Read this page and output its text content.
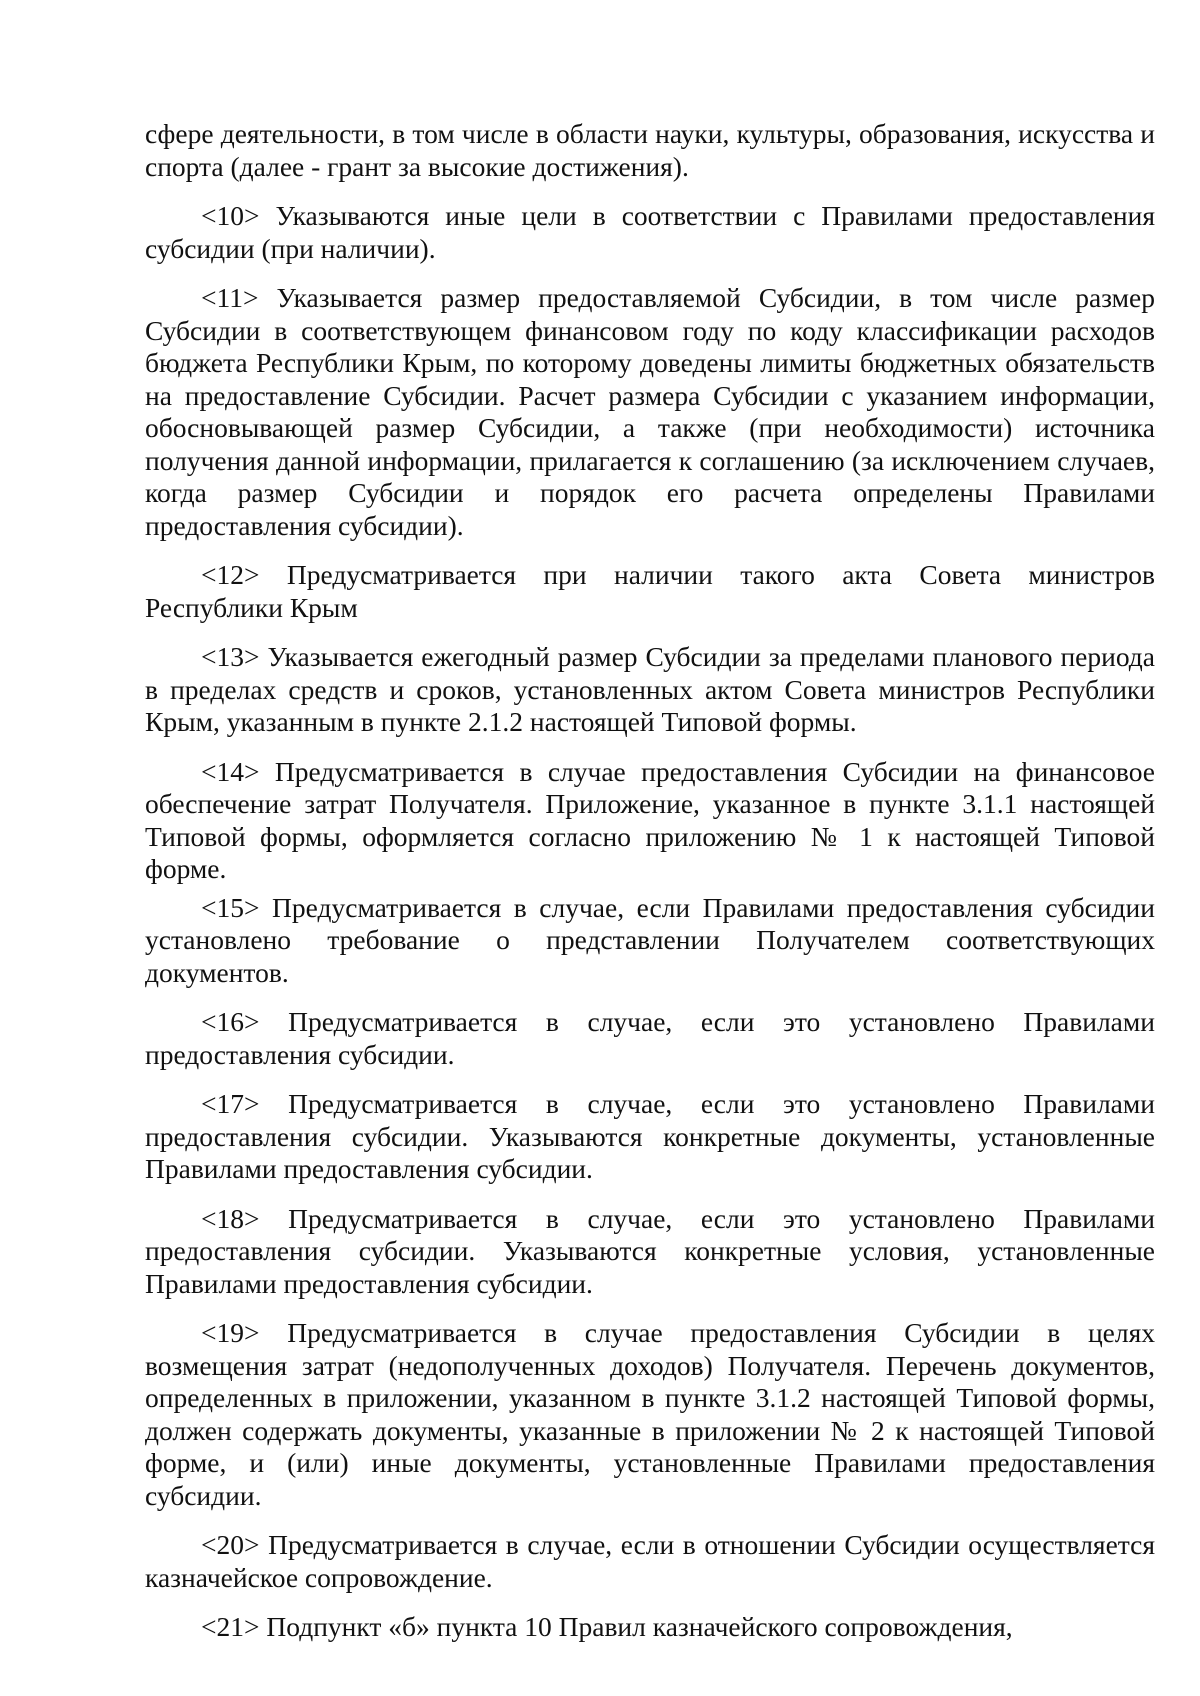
сфере деятельности, в том числе в области науки, культуры, образования, искусства и спорта (далее - грант за высокие достижения).

<10> Указываются иные цели в соответствии с Правилами предоставления субсидии (при наличии).

<11> Указывается размер предоставляемой Субсидии, в том числе размер Субсидии в соответствующем финансовом году по коду классификации расходов бюджета Республики Крым, по которому доведены лимиты бюджетных обязательств на предоставление Субсидии. Расчет размера Субсидии с указанием информации, обосновывающей размер Субсидии, а также (при необходимости) источника получения данной информации, прилагается к соглашению (за исключением случаев, когда размер Субсидии и порядок его расчета определены Правилами предоставления субсидии).

<12> Предусматривается при наличии такого акта Совета министров Республики Крым

<13> Указывается ежегодный размер Субсидии за пределами планового периода в пределах средств и сроков, установленных актом Совета министров Республики Крым, указанным в пункте 2.1.2 настоящей Типовой формы.

<14> Предусматривается в случае предоставления Субсидии на финансовое обеспечение затрат Получателя. Приложение, указанное в пункте 3.1.1 настоящей Типовой формы, оформляется согласно приложению № 1 к настоящей Типовой форме.

<15> Предусматривается в случае, если Правилами предоставления субсидии установлено требование о представлении Получателем соответствующих документов.

<16> Предусматривается в случае, если это установлено Правилами предоставления субсидии.

<17> Предусматривается в случае, если это установлено Правилами предоставления субсидии. Указываются конкретные документы, установленные Правилами предоставления субсидии.

<18> Предусматривается в случае, если это установлено Правилами предоставления субсидии. Указываются конкретные условия, установленные Правилами предоставления субсидии.

<19> Предусматривается в случае предоставления Субсидии в целях возмещения затрат (недополученных доходов) Получателя. Перечень документов, определенных в приложении, указанном в пункте 3.1.2 настоящей Типовой формы, должен содержать документы, указанные в приложении № 2 к настоящей Типовой форме, и (или) иные документы, установленные Правилами предоставления субсидии.

<20> Предусматривается в случае, если в отношении Субсидии осуществляется казначейское сопровождение.

<21> Подпункт «б» пункта 10 Правил казначейского сопровождения,
